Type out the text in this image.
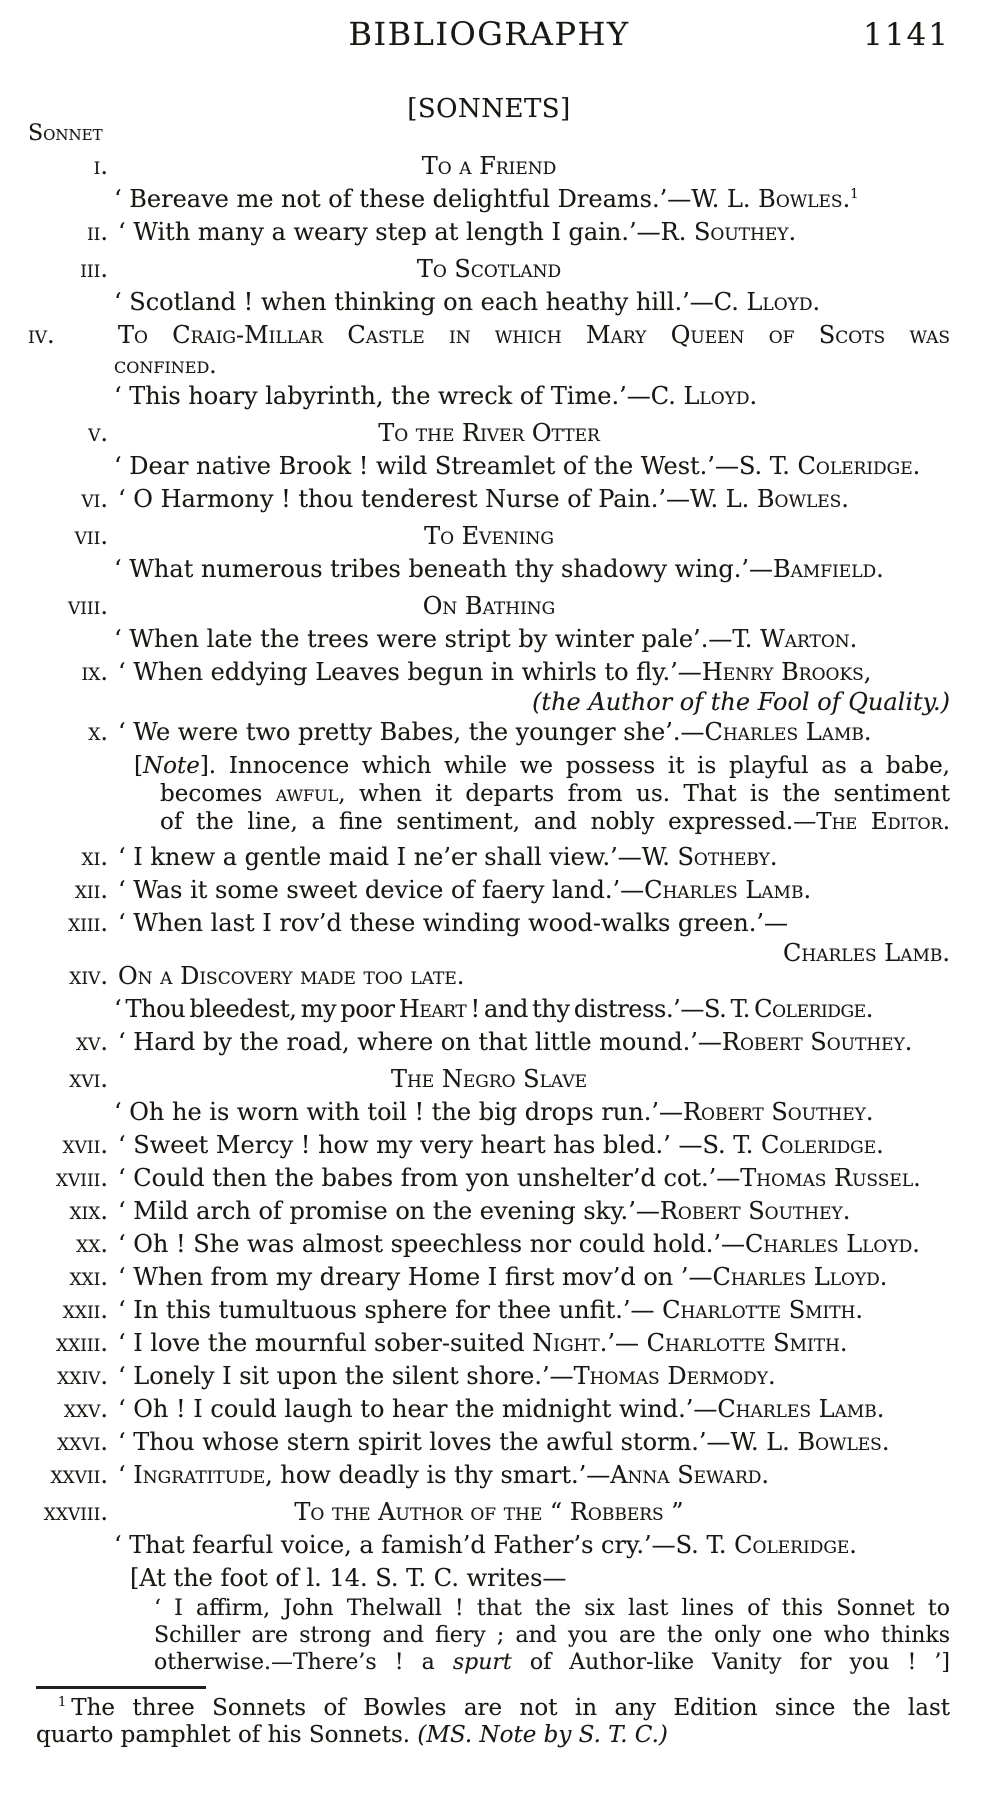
BIBLIOGRAPHY	1141
[SONNETS]
Sonnet
i.	To a Friend
‘ Bereave me not of these delightful Dreams.’—W. L. Bowles.$^1$
ii. ‘ With many a weary step at length I gain.’—R. Southey.
iii.	To Scotland
‘ Scotland ! when thinking on each heathy hill.’—C. Lloyd.
iv.	To Craig-Millar Castle in which Mary Queen of Scots was
confined.
‘ This hoary labyrinth, the wreck of Time.’—C. Lloyd.
v.	To the River Otter
‘ Dear native Brook ! wild Streamlet of the West.’—S. T. Coleridge.
vi. ‘ O Harmony ! thou tenderest Nurse of Pain.’—W. L. Bowles.
vii.	To Evening
‘ What numerous tribes beneath thy shadowy wing.’—Bamfield.
viii.	On Bathing
‘ When late the trees were stript by winter pale’.—T. Warton.
ix. ‘ When eddying Leaves begun in whirls to fly.’—Henry Brooks,
(the Author of the Fool of Quality.)
x. ‘ We were two pretty Babes, the younger she’.—Charles Lamb.
[Note]. Innocence which while we possess it is playful as a babe,
becomes awful, when it departs from us. That is the sentiment
of the line, a fine sentiment, and nobly expressed.—The Editor.
xi. ‘ I knew a gentle maid I ne’er shall view.’—W. Sotheby.
xii. ‘ Was it some sweet device of faery land.’—Charles Lamb.
xiii. ‘ When last I rov’d these winding wood-walks green.’—
Charles Lamb.
xiv. On a Discovery made too late.
‘ Thou bleedest, my poor Heart ! and thy distress.’—S. T. Coleridge.
xv. ‘ Hard by the road, where on that little mound.’—Robert Southey.
xvi.	The Negro Slave
‘ Oh he is worn with toil ! the big drops run.’—Robert Southey.
xvii. ‘ Sweet Mercy ! how my very heart has bled.’ —S. T. Coleridge.
xviii. ‘ Could then the babes from yon unshelter’d cot.’—Thomas Russel.
xix. ‘ Mild arch of promise on the evening sky.’—Robert Southey.
xx. ‘ Oh ! She was almost speechless nor could hold.’—Charles Lloyd.
xxi. ‘ When from my dreary Home I first mov’d on ’—Charles Lloyd.
xxii. ‘ In this tumultuous sphere for thee unfit.’— Charlotte Smith.
xxiii. ‘ I love the mournful sober-suited Night.’— Charlotte Smith.
xxiv. ‘ Lonely I sit upon the silent shore.’—Thomas Dermody.
xxv. ‘ Oh ! I could laugh to hear the midnight wind.’—Charles Lamb.
xxvi. ‘ Thou whose stern spirit loves the awful storm.’—W. L. Bowles.
xxvii. ‘ Ingratitude, how deadly is thy smart.’—Anna Seward.
xxviii.	To the Author of the “ Robbers ”
‘ That fearful voice, a famish’d Father’s cry.’—S. T. Coleridge.
[At the foot of l. 14. S. T. C. writes—
‘ I affirm, John Thelwall ! that the six last lines of this Sonnet to
Schiller are strong and fiery ; and you are the only one who thinks
otherwise.—There’s ! a spurt of Author-like Vanity for you ! ’]
$^1$ The three Sonnets of Bowles are not in any Edition since the last
quarto pamphlet of his Sonnets. (MS. Note by S. T. C.)
